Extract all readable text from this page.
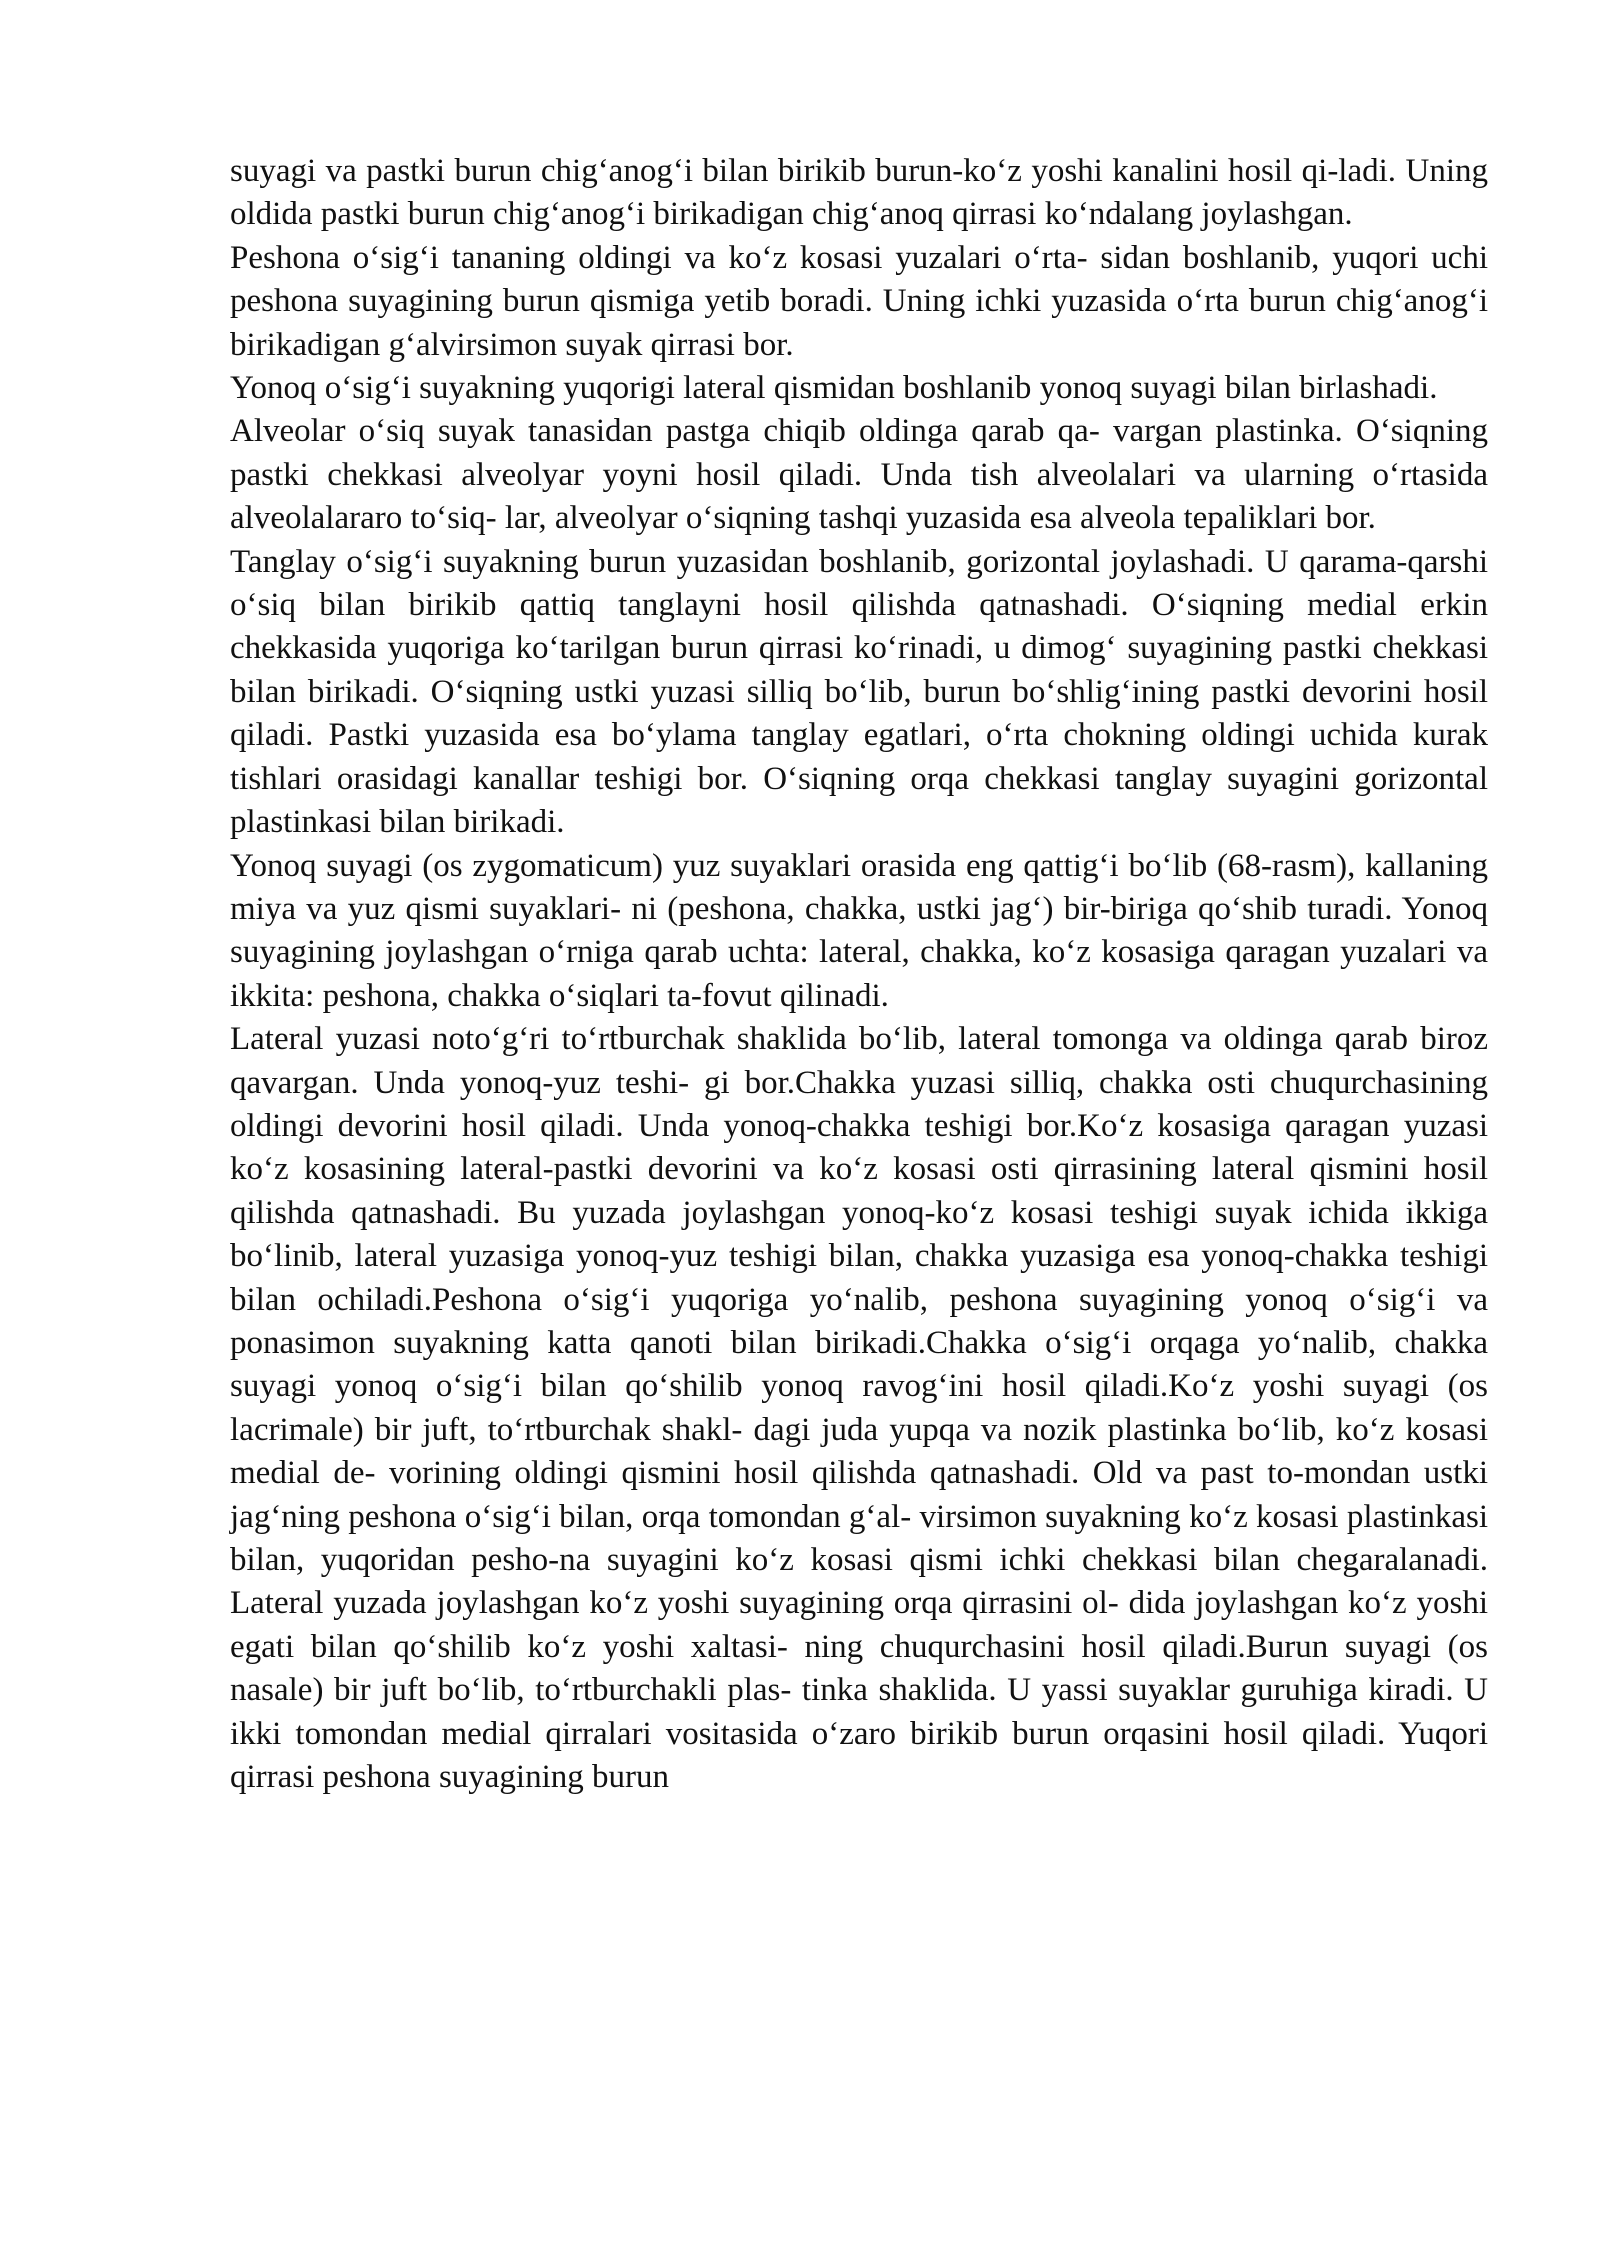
suyagi va pastki burun chig‘anog‘i bilan birikib burun-ko‘z yoshi kanalini hosil qi-ladi. Uning oldida pastki burun chig‘anog‘i birikadigan chig‘anoq qirrasi ko‘ndalang joylashgan.

Peshona o‘sig‘i tananing oldingi va ko‘z kosasi yuzalari o‘rta- sidan boshlanib, yuqori uchi peshona suyagining burun qismiga yetib boradi. Uning ichki yuzasida o‘rta burun chig‘anog‘i birikadigan g‘alvirsimon suyak qirrasi bor.

Yonoq o‘sig‘i suyakning yuqorigi lateral qismidan boshlanib yonoq suyagi bilan birlashadi.

Alveolar o‘siq suyak tanasidan pastga chiqib oldinga qarab qa- vargan plastinka. O‘siqning pastki chekkasi alveolyar yoyni hosil qiladi. Unda tish alveolalari va ularning o‘rtasida alveolalararo to‘siq- lar, alveolyar o‘siqning tashqi yuzasida esa alveola tepaliklari bor.

Tanglay o‘sig‘i suyakning burun yuzasidan boshlanib, gorizontal joylashadi. U qarama-qarshi o‘siq bilan birikib qattiq tanglayni hosil qilishda qatnashadi. O‘siqning medial erkin chekkasida yuqoriga ko‘tarilgan burun qirrasi ko‘rinadi, u dimog‘ suyagining pastki chekkasi bilan birikadi. O‘siqning ustki yuzasi silliq bo‘lib, burun bo‘shlig‘ining pastki devorini hosil qiladi. Pastki yuzasida esa bo‘ylama tanglay egatlari, o‘rta chokning oldingi uchida kurak tishlari orasidagi kanallar teshigi bor. O‘siqning orqa chekkasi tanglay suyagini gorizontal plastinkasi bilan birikadi.

Yonoq suyagi (os zygomaticum) yuz suyaklari orasida eng qattig‘i bo‘lib (68-rasm), kallaning miya va yuz qismi suyaklari- ni (peshona, chakka, ustki jag‘) bir-biriga qo‘shib turadi. Yonoq suyagining joylashgan o‘rniga qarab uchta: lateral, chakka, ko‘z kosasiga qaragan yuzalari va ikkita: peshona, chakka o‘siqlari ta-fovut qilinadi.

Lateral yuzasi noto‘g‘ri to‘rtburchak shaklida bo‘lib, lateral tomonga va oldinga qarab biroz qavargan. Unda yonoq-yuz teshi- gi bor.Chakka yuzasi silliq, chakka osti chuqurchasining oldingi devorini hosil qiladi. Unda yonoq-chakka teshigi bor.Ko‘z kosasiga qaragan yuzasi ko‘z kosasining lateral-pastki devorini va ko‘z kosasi osti qirrasining lateral qismini hosil qilishda qatnashadi. Bu yuzada joylashgan yonoq-ko‘z kosasi teshigi suyak ichida ikkiga bo‘linib, lateral yuzasiga yonoq-yuz teshigi bilan, chakka yuzasiga esa yonoq-chakka teshigi bilan ochiladi.Peshona o‘sig‘i yuqoriga yo‘nalib, peshona suyagining yonoq o‘sig‘i va ponasimon suyakning katta qanoti bilan birikadi.Chakka o‘sig‘i orqaga yo‘nalib, chakka suyagi yonoq o‘sig‘i bilan qo‘shilib yonoq ravog‘ini hosil qiladi.Ko‘z yoshi suyagi (os lacrimale) bir juft, to‘rtburchak shakl- dagi juda yupqa va nozik plastinka bo‘lib, ko‘z kosasi medial de- vorining oldingi qismini hosil qilishda qatnashadi. Old va past to-mondan ustki jag‘ning peshona o‘sig‘i bilan, orqa tomondan g‘al- virsimon suyakning ko‘z kosasi plastinkasi bilan, yuqoridan pesho-na suyagini ko‘z kosasi qismi ichki chekkasi bilan chegaralanadi. Lateral yuzada joylashgan ko‘z yoshi suyagining orqa qirrasini ol- dida joylashgan ko‘z yoshi egati bilan qo‘shilib ko‘z yoshi xaltasi- ning chuqurchasini hosil qiladi.Burun suyagi (os nasale) bir juft bo‘lib, to‘rtburchakli plas- tinka shaklida. U yassi suyaklar guruhiga kiradi. U ikki tomondan medial qirralari vositasida o‘zaro birikib burun orqasini hosil qiladi. Yuqori qirrasi peshona suyagining burun
